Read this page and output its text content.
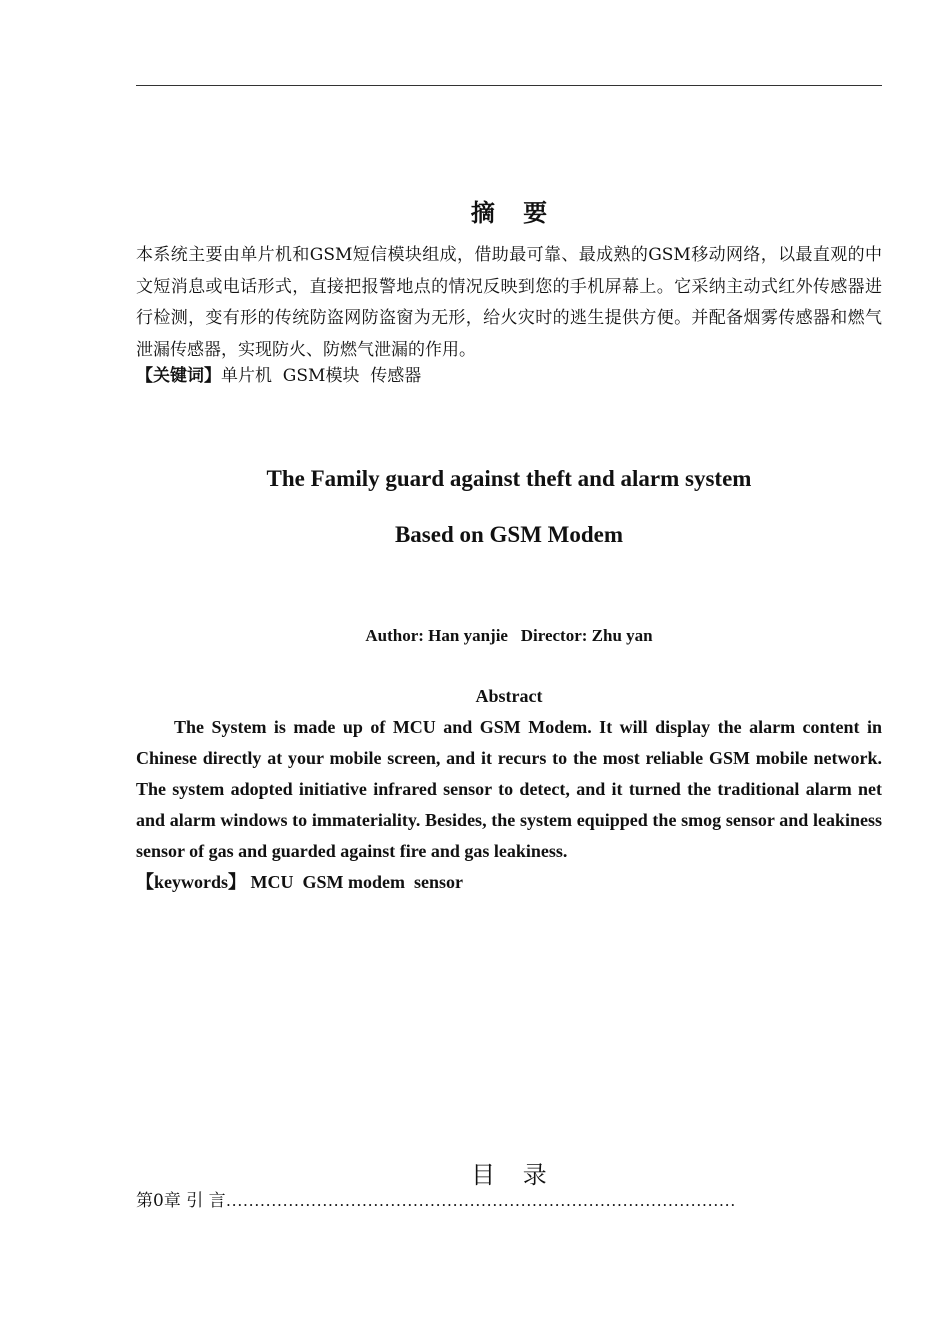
摘 要
本系统主要由单片机和GSM短信模块组成，借助最可靠、最成熟的GSM移动网络，以最直观的中文短消息或电话形式，直接把报警地点的情况反映到您的手机屏幕上。它采纳主动式红外传感器进行检测，变有形的传统防盗网防盗窗为无形，给火灾时的逃生提供方便。并配备烟雾传感器和燃气泄漏传感器，实现防火、防燃气泄漏的作用。
【关键词】单片机  GSM模块  传感器
The Family guard against theft and alarm system
Based on GSM Modem
Author: Han yanjie   Director: Zhu yan
Abstract
The System is made up of MCU and GSM Modem. It will display the alarm content in Chinese directly at your mobile screen, and it recurs to the most reliable GSM mobile network. The system adopted initiative infrared sensor to detect, and it turned the traditional alarm net and alarm windows to immateriality. Besides, the system equipped the smog sensor and leakiness sensor of gas and guarded against fire and gas leakiness.
【keywords】 MCU  GSM modem  sensor
目 录
第0章 引 言………………………………………………………………………………
